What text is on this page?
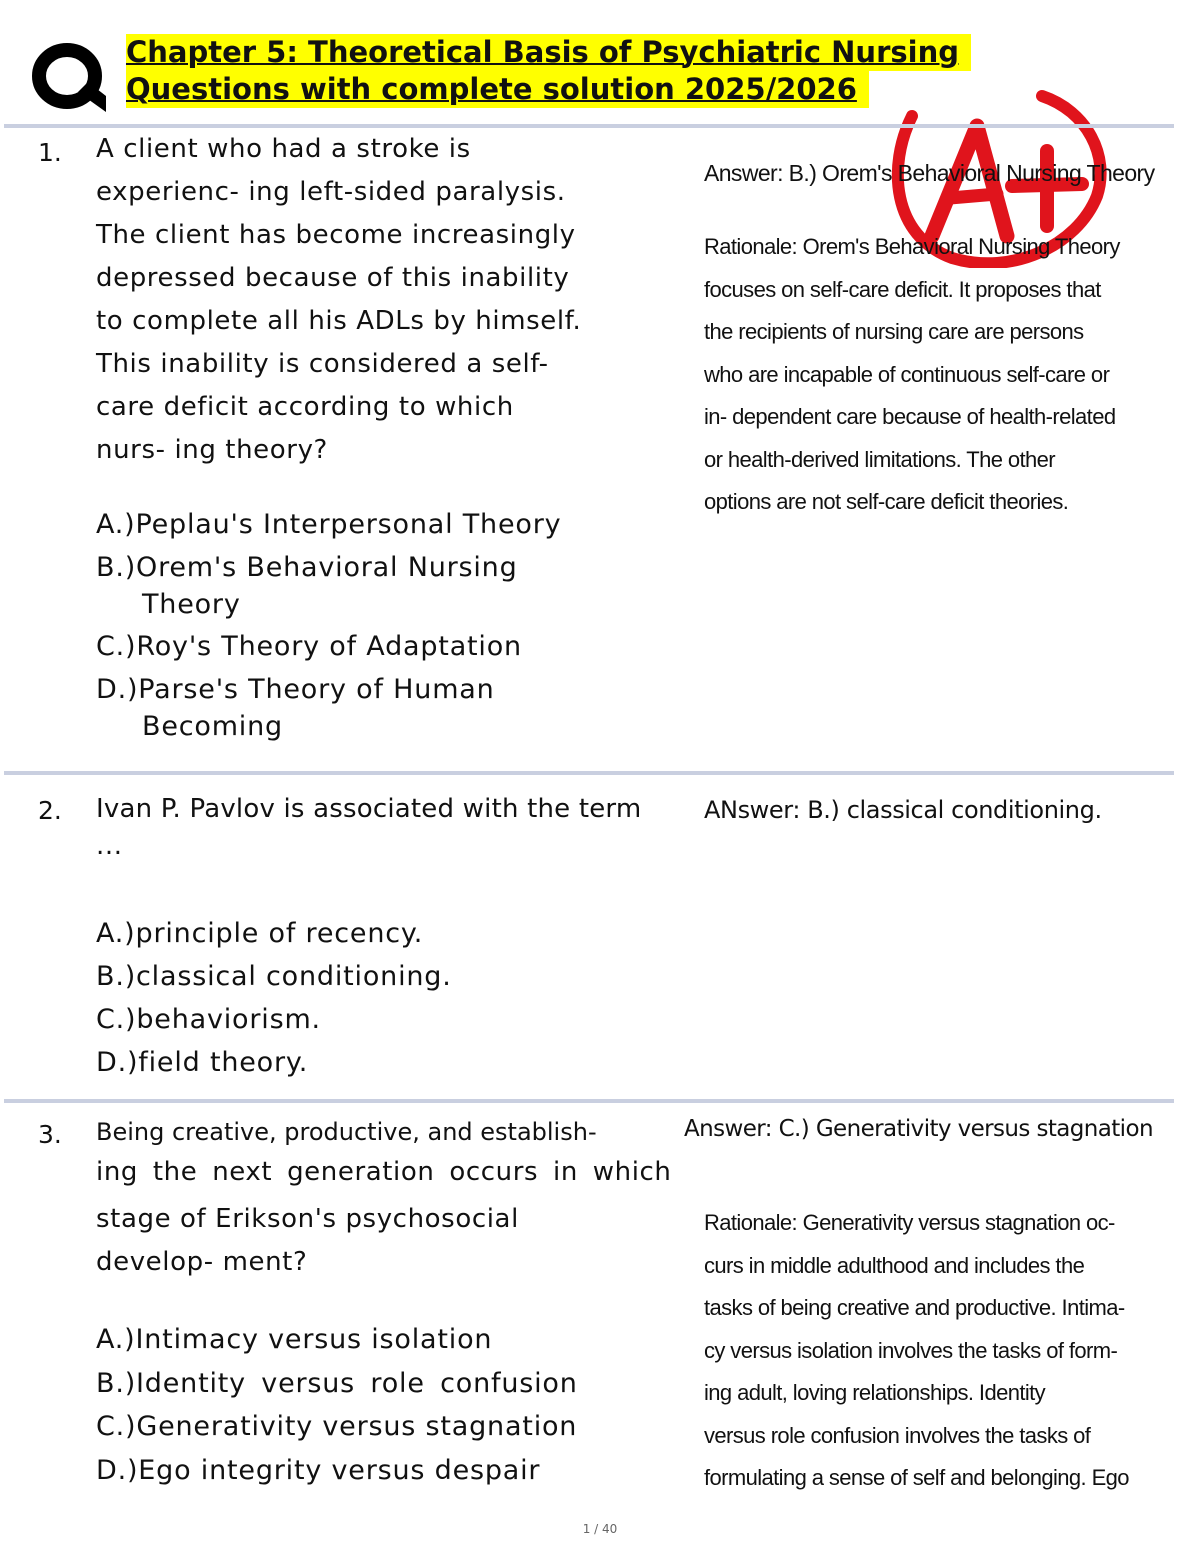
Chapter 5: Theoretical Basis of Psychiatric Nursing
Questions with complete solution 2025/2026	A+
1. A client who had a stroke is
experienc- ing left-sided paralysis.
The client has become increasingly
depressed because of this inability
to complete all his ADLs by himself.
This inability is considered a self-
care deficit according to which
nurs- ing theory?
A.)Peplau's Interpersonal Theory
B.)Orem's Behavioral Nursing
Theory
C.)Roy's Theory of Adaptation
D.)Parse's Theory of Human
Becoming
Answer: B.) Orem's Behavioral Nursing Theory
Rationale: Orem's Behavioral Nursing Theory
focuses on self-care deficit. It proposes that
the recipients of nursing care are persons
who are incapable of continuous self-care or
in- dependent care because of health-related
or health-derived limitations. The other
options are not self-care deficit theories.
2. Ivan P. Pavlov is associated with the term
...
ANswer: B.) classical conditioning.
A.)principle of recency.
B.)classical conditioning.
C.)behaviorism.
D.)field theory.
3. Being creative, productive, and establish-
ing the next generation occurs in which
stage of Erikson's psychosocial
develop- ment?
Answer: C.) Generativity versus stagnation
A.)Intimacy versus isolation
B.)Identity versus role confusion
C.)Generativity versus stagnation
D.)Ego integrity versus despair
Rationale: Generativity versus stagnation oc-
curs in middle adulthood and includes the
tasks of being creative and productive. Intima-
cy versus isolation involves the tasks of form-
ing adult, loving relationships. Identity
versus role confusion involves the tasks of
formulating a sense of self and belonging. Ego
1 / 40
